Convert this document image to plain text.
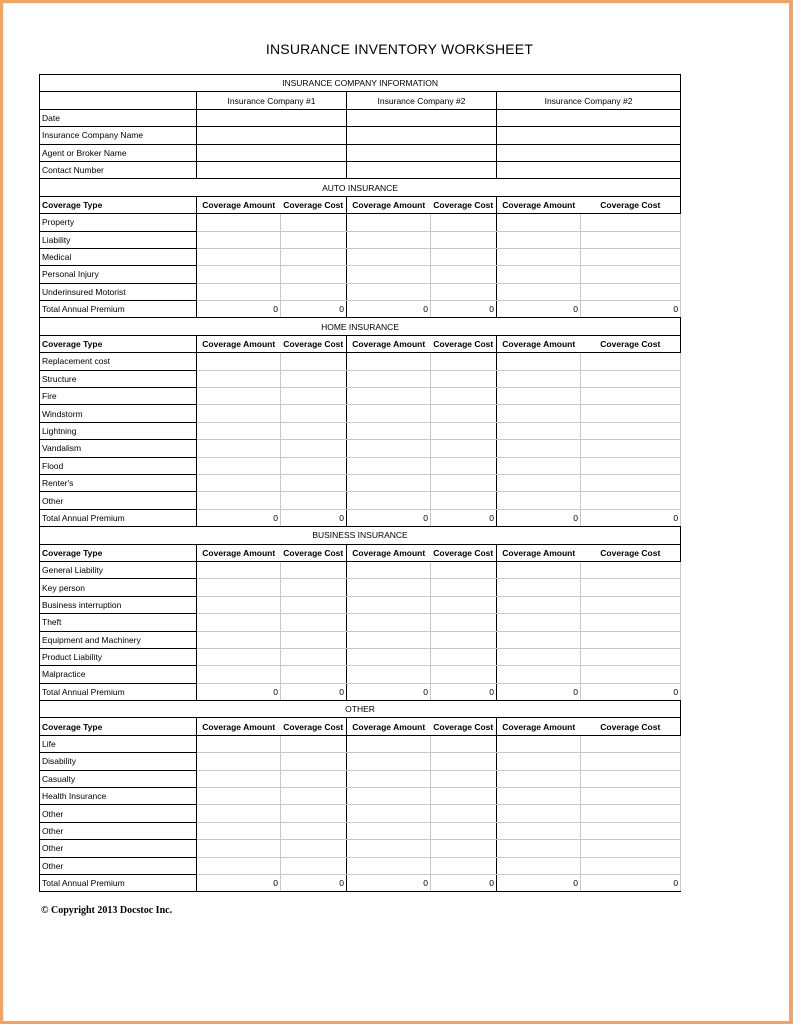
INSURANCE INVENTORY WORKSHEET
INSURANCE COMPANY INFORMATION						
	Insurance Company #1		Insurance Company #2		Insurance Company #2	
Date						
Insurance Company Name						
Agent or Broker Name						
Contact Number						
AUTO INSURANCE						
Coverage Type	Coverage Amount	Coverage Cost	Coverage Amount	Coverage Cost	Coverage Amount	Coverage Cost
Property						
Liability						
Medical						
Personal Injury						
Underinsured Motorist						
Total Annual Premium	0	0	0	0	0	0
HOME INSURANCE						
Coverage Type	Coverage Amount	Coverage Cost	Coverage Amount	Coverage Cost	Coverage Amount	Coverage Cost
Replacement cost						
Structure						
Fire						
Windstorm						
Lightning						
Vandalism						
Flood						
Renter's						
Other						
Total Annual Premium	0	0	0	0	0	0
BUSINESS INSURANCE						
Coverage Type	Coverage Amount	Coverage Cost	Coverage Amount	Coverage Cost	Coverage Amount	Coverage Cost
General Liability						
Key person						
Business interruption						
Theft						
Equipment and Machinery						
Product Liability						
Malpractice						
Total Annual Premium	0	0	0	0	0	0
OTHER						
Coverage Type	Coverage Amount	Coverage Cost	Coverage Amount	Coverage Cost	Coverage Amount	Coverage Cost
Life						
Disability						
Casualty						
Health Insurance						
Other						
Other						
Other						
Other						
Total Annual Premium	0	0	0	0	0	0
© Copyright 2013 Docstoc Inc.
